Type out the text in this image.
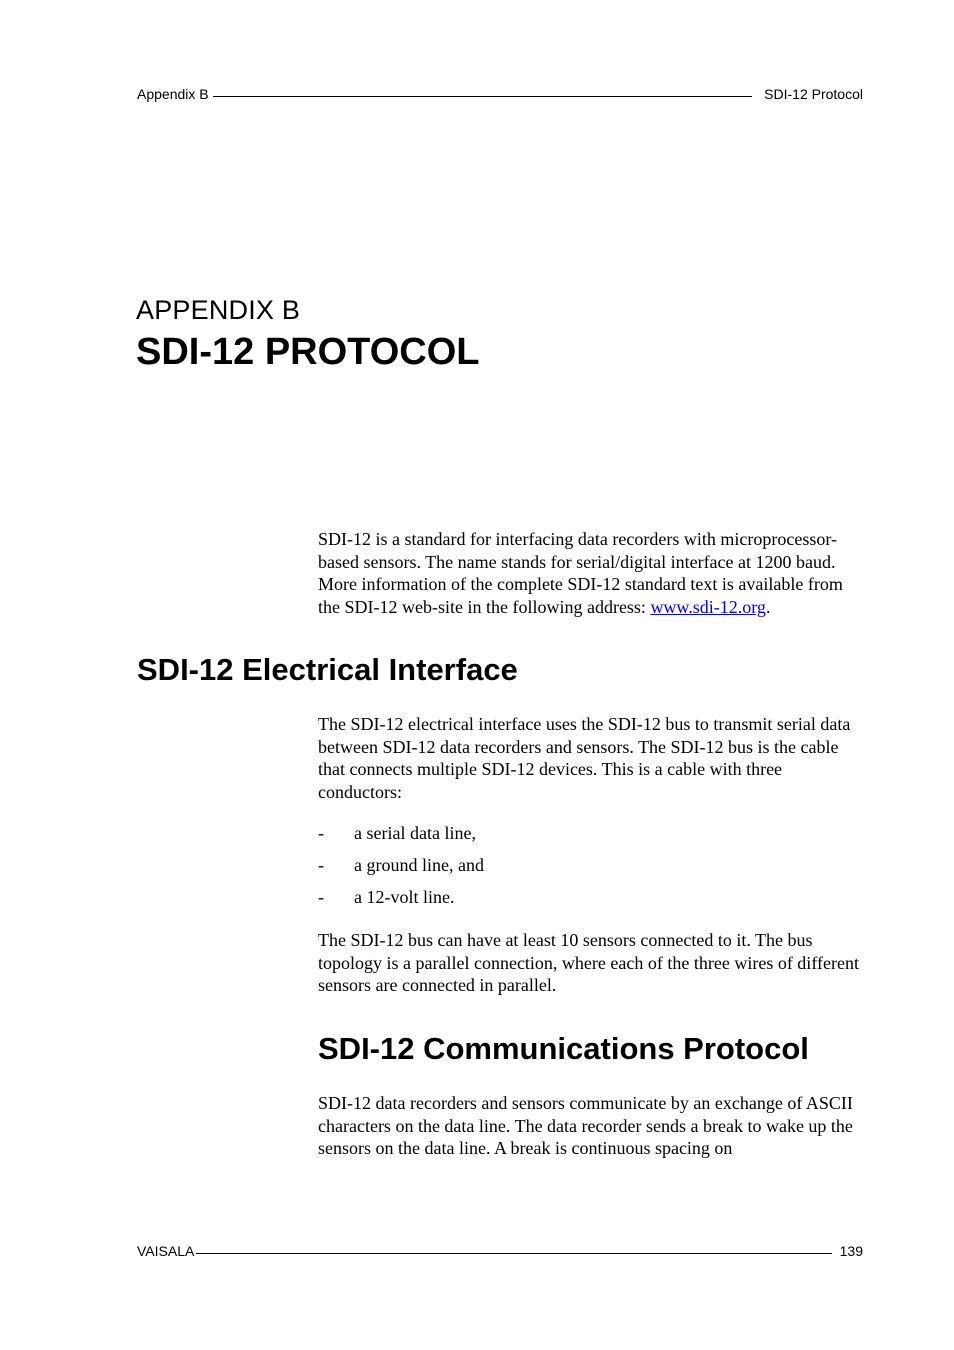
Appendix B	SDI-12 Protocol
APPENDIX B
SDI-12 PROTOCOL

SDI-12 is a standard for interfacing data recorders with microprocessor-based sensors. The name stands for serial/digital interface at 1200 baud. More information of the complete SDI-12 standard text is available from the SDI-12 web-site in the following address: www.sdi-12.org.

SDI-12 Electrical Interface

The SDI-12 electrical interface uses the SDI-12 bus to transmit serial data between SDI-12 data recorders and sensors. The SDI-12 bus is the cable that connects multiple SDI-12 devices. This is a cable with three conductors:

-	a serial data line,
-	a ground line, and
-	a 12-volt line.

The SDI-12 bus can have at least 10 sensors connected to it. The bus topology is a parallel connection, where each of the three wires of different sensors are connected in parallel.

SDI-12 Communications Protocol

SDI-12 data recorders and sensors communicate by an exchange of ASCII characters on the data line. The data recorder sends a break to wake up the sensors on the data line. A break is continuous spacing on

VAISALA	139
